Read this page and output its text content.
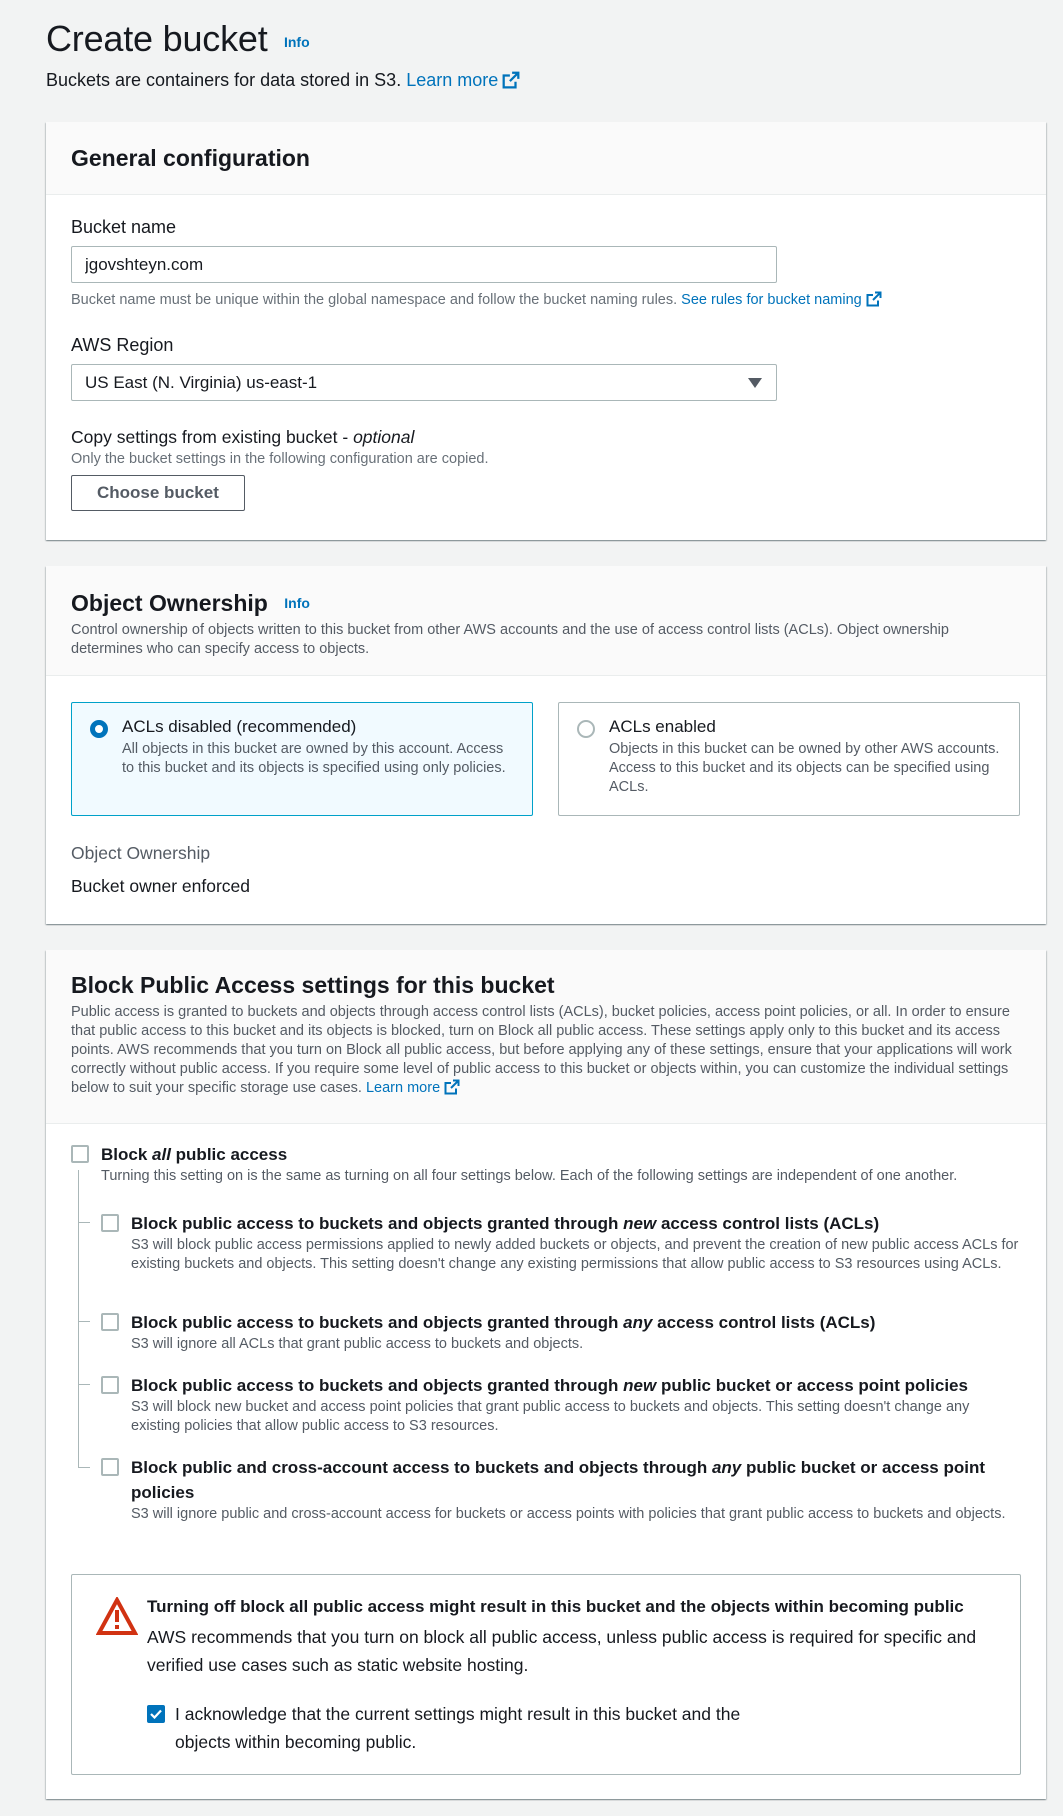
Create bucket Info
Buckets are containers for data stored in S3. Learn more
General configuration
Bucket name
jgovshteyn.com
Bucket name must be unique within the global namespace and follow the bucket naming rules. See rules for bucket naming
AWS Region
US East (N. Virginia) us-east-1
Copy settings from existing bucket - optional
Only the bucket settings in the following configuration are copied.
Choose bucket
Object Ownership Info

Control ownership of objects written to this bucket from other AWS accounts and the use of access control lists (ACLs). Object ownership determines who can specify access to objects.

ACLs disabled (recommended)
All objects in this bucket are owned by this account. Access to this bucket and its objects is specified using only policies.
ACLs enabled
Objects in this bucket can be owned by other AWS accounts. Access to this bucket and its objects can be specified using ACLs.
Object Ownership
Bucket owner enforced
Block Public Access settings for this bucket

Public access is granted to buckets and objects through access control lists (ACLs), bucket policies, access point policies, or all. In order to ensure that public access to this bucket and its objects is blocked, turn on Block all public access. These settings apply only to this bucket and its access points. AWS recommends that you turn on Block all public access, but before applying any of these settings, ensure that your applications will work correctly without public access. If you require some level of public access to this bucket or objects within, you can customize the individual settings below to suit your specific storage use cases. Learn more

Block all public access
Turning this setting on is the same as turning on all four settings below. Each of the following settings are independent of one another.
Block public access to buckets and objects granted through new access control lists (ACLs)
S3 will block public access permissions applied to newly added buckets or objects, and prevent the creation of new public access ACLs for existing buckets and objects. This setting doesn't change any existing permissions that allow public access to S3 resources using ACLs.
Block public access to buckets and objects granted through any access control lists (ACLs)
S3 will ignore all ACLs that grant public access to buckets and objects.
Block public access to buckets and objects granted through new public bucket or access point policies
S3 will block new bucket and access point policies that grant public access to buckets and objects. This setting doesn't change any existing policies that allow public access to S3 resources.
Block public and cross-account access to buckets and objects through any public bucket or access point policies
S3 will ignore public and cross-account access for buckets or access points with policies that grant public access to buckets and objects.
Turning off block all public access might result in this bucket and the objects within becoming public
AWS recommends that you turn on block all public access, unless public access is required for specific and verified use cases such as static website hosting.
I acknowledge that the current settings might result in this bucket and the objects within becoming public.
